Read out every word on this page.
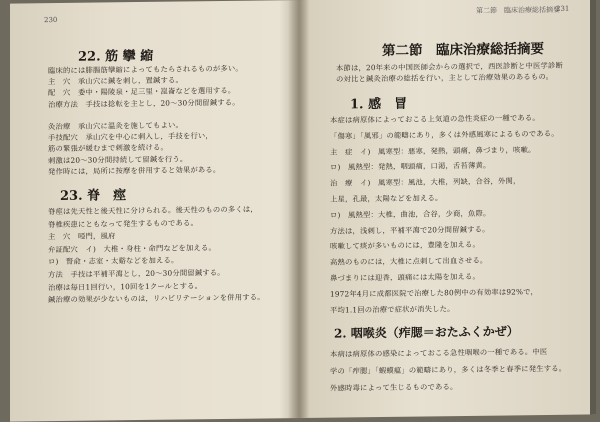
230
22. 筋 攣 縮
臨床的には腓腸筋攣縮によってもたらされるものが多い。
主　穴　承山穴に鍼を刺し，置鍼する。
配　穴　委中・陽陵泉・足三里・崑崙などを選用する。
治療方法　手技は捻転を主とし，20〜30分間留鍼する。
灸治療　承山穴に温灸を施してもよい。
手技配穴　承山穴を中心に刺入し，手技を行い，
筋の緊張が緩むまで刺激を続ける。
刺激は20〜30分間持続して留鍼を行う。
発作時には，局所に按摩を併用すると効果がある。
23. 脊　痙
脊痙は先天性と後天性に分けられる。後天性のものの多くは，
脊椎疾患にともなって発生するものである。
主　穴　啞門，風府
弁証配穴　イ)　大椎・身柱・命門などを加える。
ロ)　腎兪・志室・太谿などを加える。
方法　手技は平補平瀉とし，20〜30分間留鍼する。
治療は毎日1回行い，10回を1クールとする。
鍼治療の効果が少ないものは，リハビリテーションを併用する。
第二節　臨床治療総括摘要
231
第二節　臨床治療総括摘要
本節は，20年来の中国医師会からの選択で，西医診断と中医学診断
の対比と鍼灸治療の総括を行い，主として治療効果のあるもの。
1. 感　冒
本症は病原体によっておこる上気道の急性炎症の一種である。
「傷寒」「風邪」の範疇にあり，多くは外感風寒によるものである。
主　症　イ)　風寒型：悪寒，発熱，頭痛，鼻づまり，咳嗽。
ロ)　風熱型：発熱，咽頭痛，口渇，舌苔薄黄。
治　療　イ)　風寒型：風池，大椎，列缺，合谷，外関，
上星，孔最，太陽などを加える。
ロ)　風熱型：大椎，曲池，合谷，少商，魚際。
方法は，浅刺し，平補平瀉で20分間留鍼する。
咳嗽して痰が多いものには，豊隆を加える。
高熱のものには，大椎に点刺して出血させる。
鼻づまりには迎香，頭痛には太陽を加える。
1972年4月に成都医院で治療した80例中の有効率は92%で，
平均1.1回の治療で症状が消失した。
2. 咽喉炎（痄腮＝おたふくかぜ）
本病は病原体の感染によっておこる急性咽喉の一種である。中医
学の「痄腮」「蝦蟆瘟」の範疇にあり，多くは冬季と春季に発生する。
外感時毒によって生じるものである。
